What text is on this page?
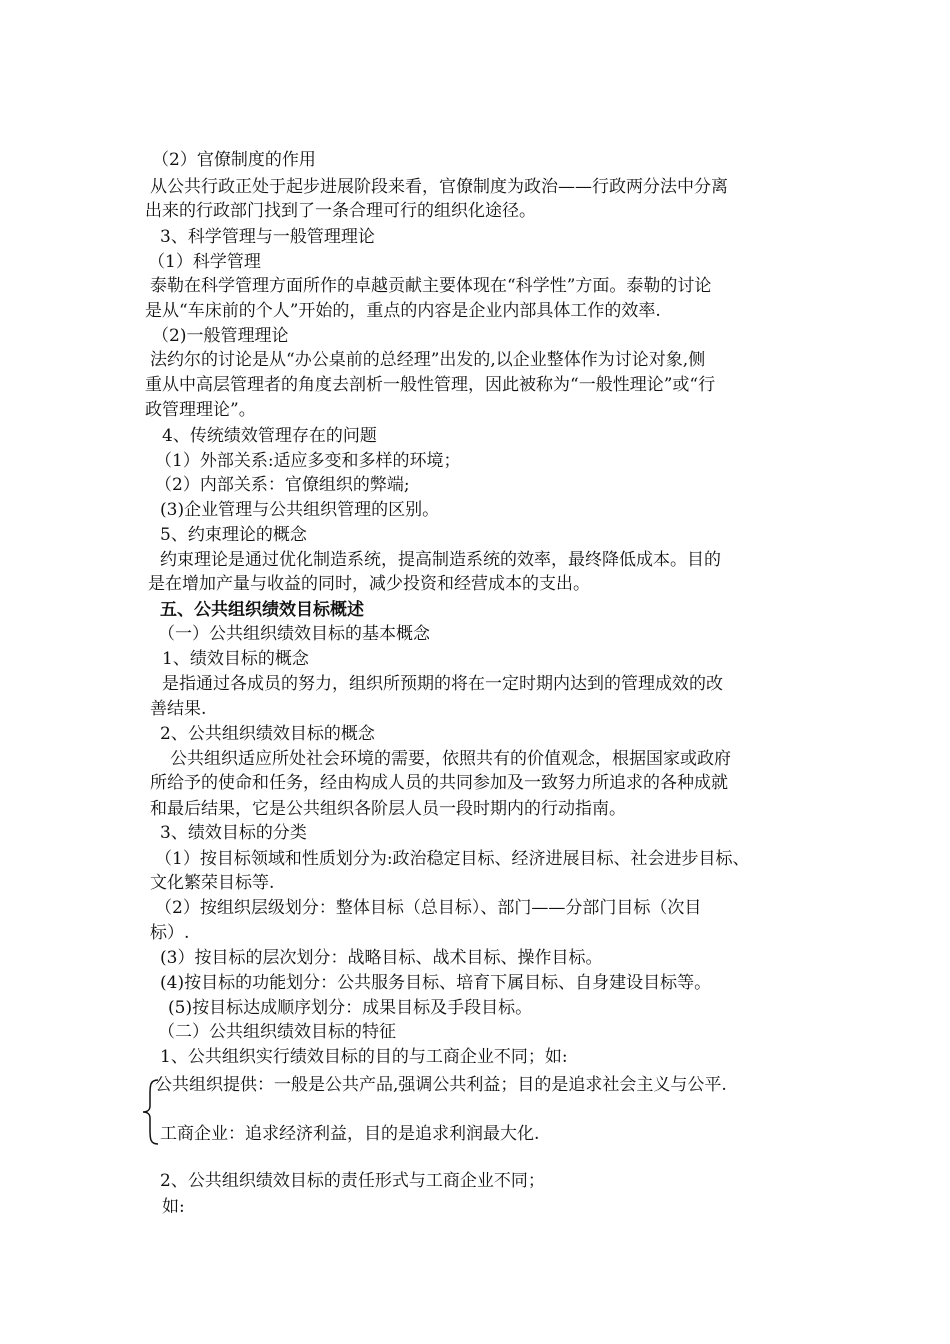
（2）官僚制度的作用
从公共行政正处于起步进展阶段来看，官僚制度为政治——行政两分法中分离
出来的行政部门找到了一条合理可行的组织化途径。
3、科学管理与一般管理理论
（1）科学管理
泰勒在科学管理方面所作的卓越贡献主要体现在“科学性”方面。泰勒的讨论
是从“车床前的个人”开始的，重点的内容是企业内部具体工作的效率.
（2)一般管理理论
法约尔的讨论是从“办公桌前的总经理”出发的,以企业整体作为讨论对象,侧
重从中高层管理者的角度去剖析一般性管理，因此被称为“一般性理论”或“行
政管理理论”。
4、传统绩效管理存在的问题
（1）外部关系:适应多变和多样的环境；
（2）内部关系：官僚组织的弊端;
(3)企业管理与公共组织管理的区别。
5、约束理论的概念
约束理论是通过优化制造系统，提高制造系统的效率，最终降低成本。目的
是在增加产量与收益的同时，减少投资和经营成本的支出。
五、公共组织绩效目标概述
（一）公共组织绩效目标的基本概念
1、绩效目标的概念
是指通过各成员的努力，组织所预期的将在一定时期内达到的管理成效的改
善结果.
2、公共组织绩效目标的概念
公共组织适应所处社会环境的需要，依照共有的价值观念，根据国家或政府
所给予的使命和任务，经由构成人员的共同参加及一致努力所追求的各种成就
和最后结果，它是公共组织各阶层人员一段时期内的行动指南。
3、绩效目标的分类
（1）按目标领域和性质划分为:政治稳定目标、经济进展目标、社会进步目标、
文化繁荣目标等.
（2）按组织层级划分：整体目标（总目标）、部门——分部门目标（次目
标）.
(3）按目标的层次划分：战略目标、战术目标、操作目标。
(4)按目标的功能划分：公共服务目标、培育下属目标、自身建设目标等。
(5)按目标达成顺序划分：成果目标及手段目标。
（二）公共组织绩效目标的特征
1、公共组织实行绩效目标的目的与工商企业不同；如:
公共组织提供：一般是公共产品,强调公共利益；目的是追求社会主义与公平.
工商企业：追求经济利益，目的是追求利润最大化.
2、公共组织绩效目标的责任形式与工商企业不同；
如:
